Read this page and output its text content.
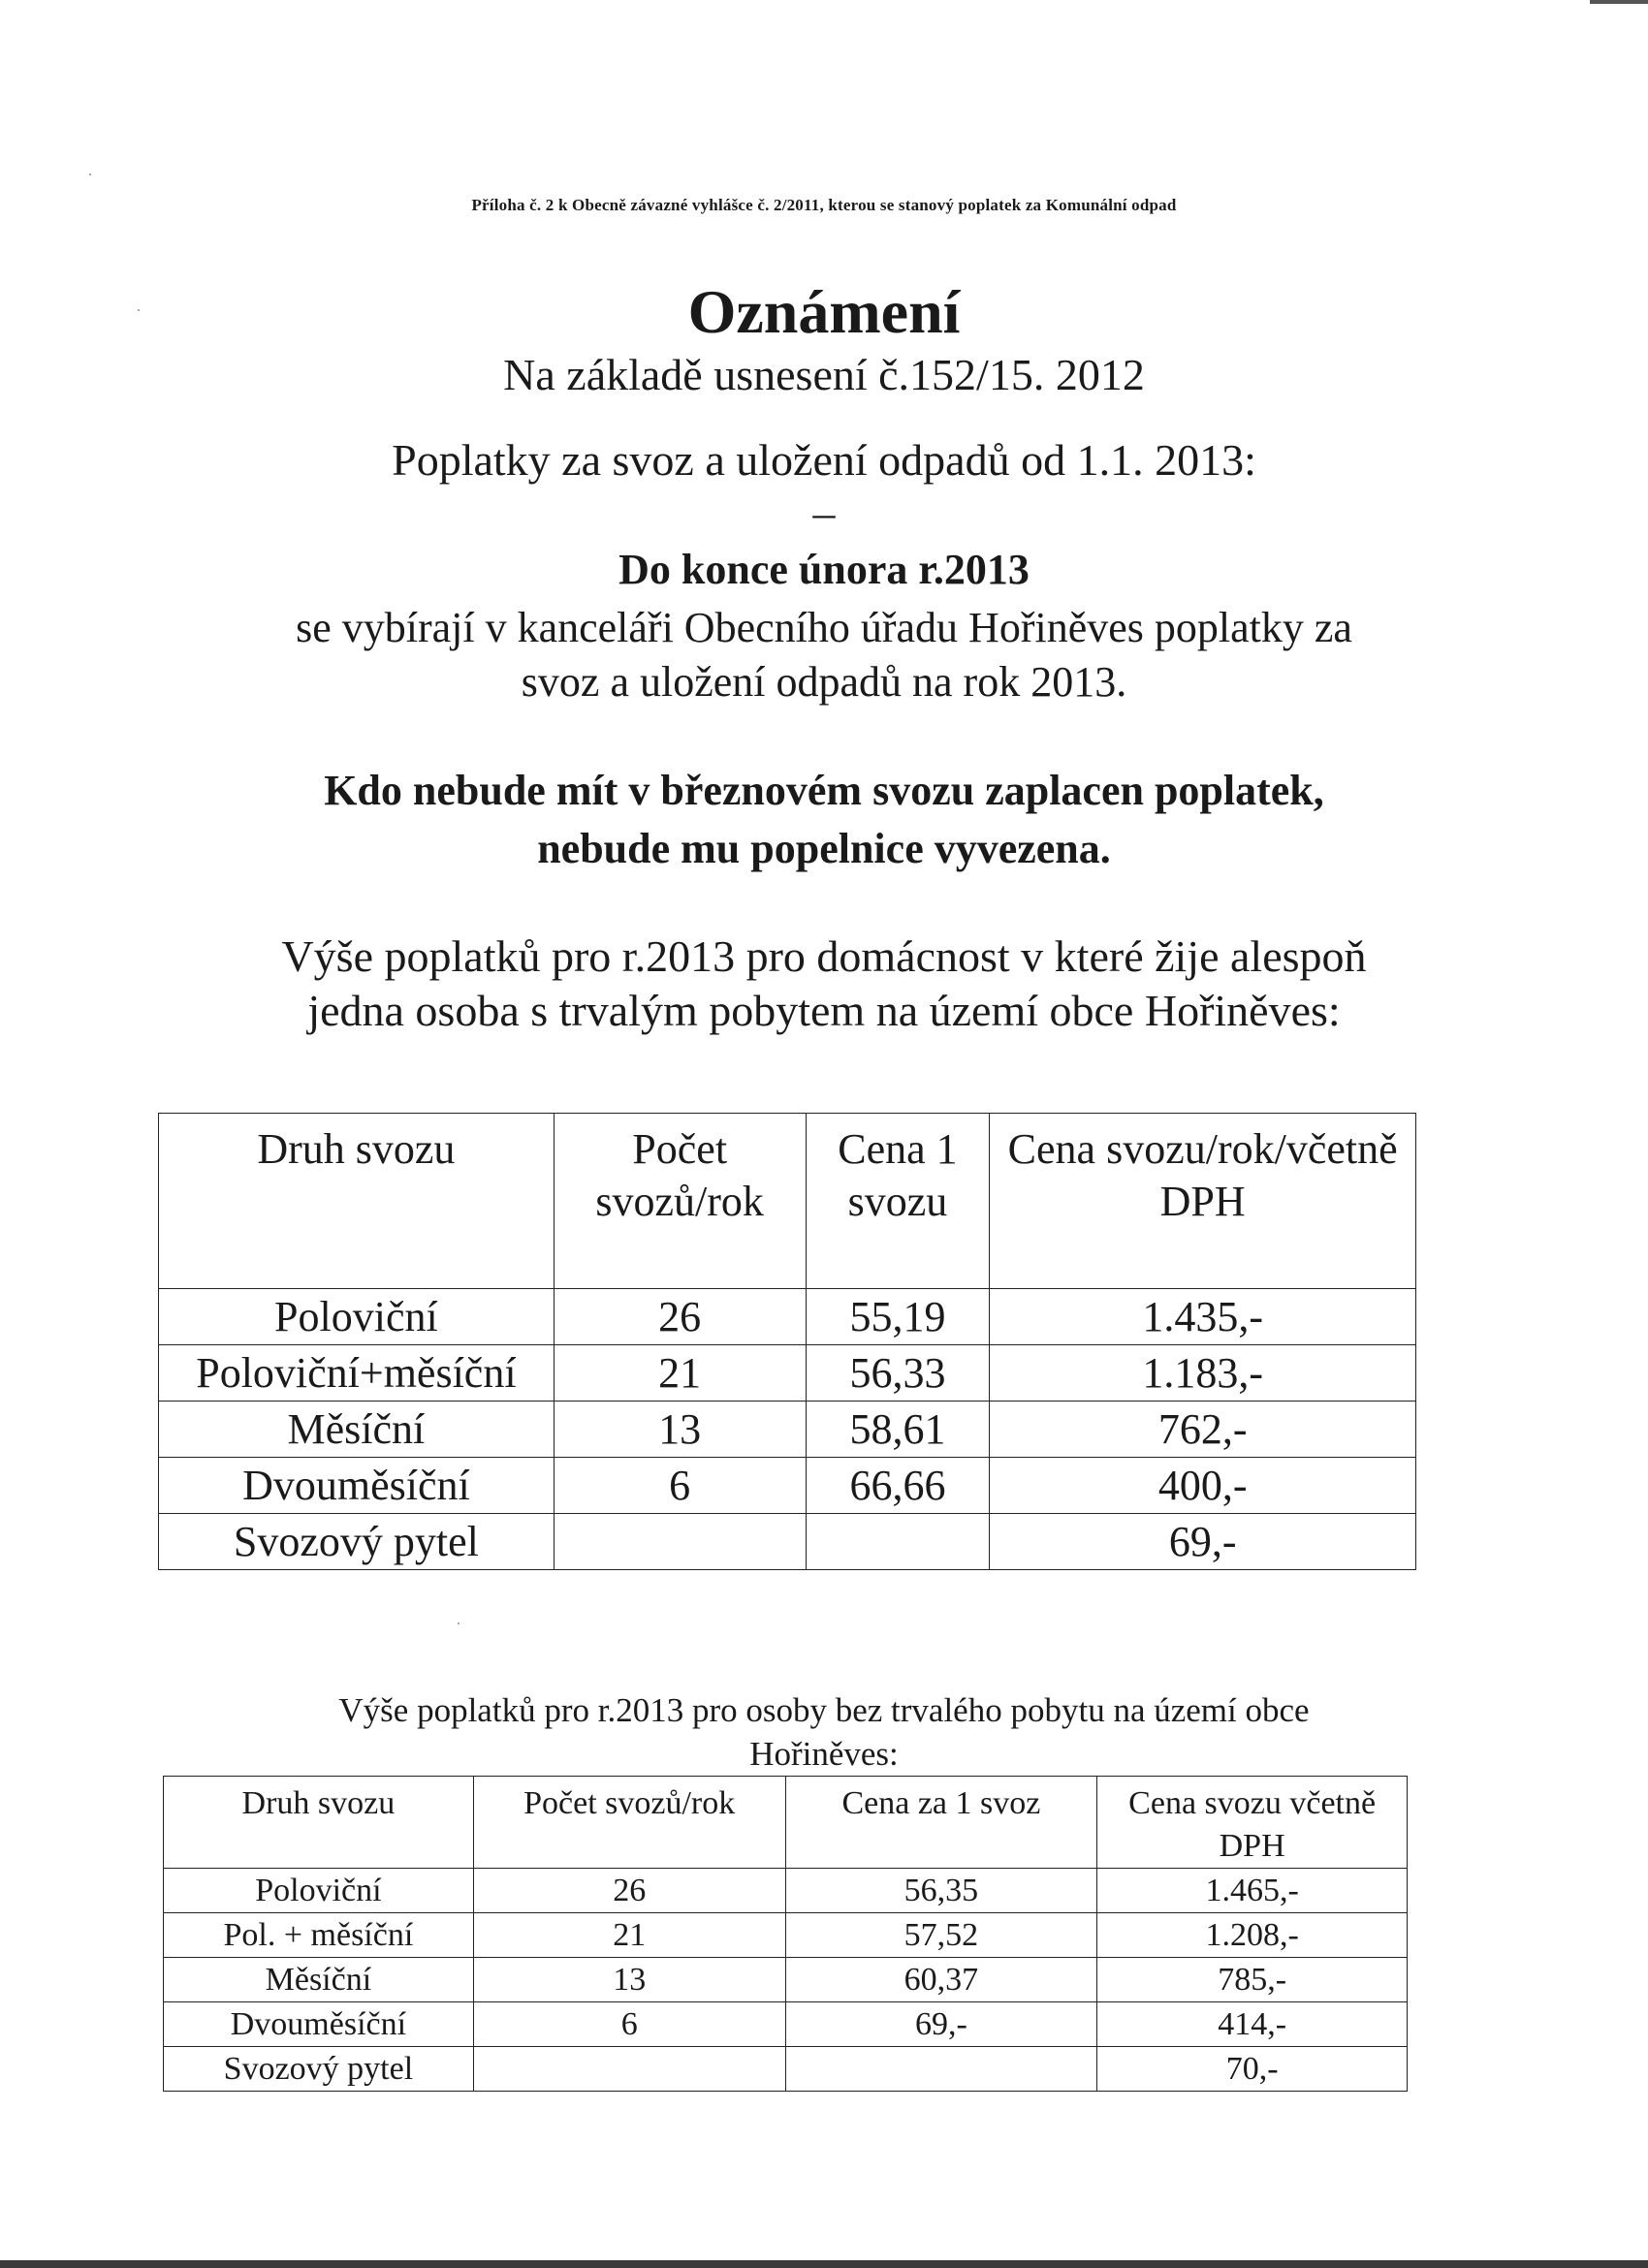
·
·
·
Příloha č. 2 k Obecně závazné vyhlášce č. 2/2011, kterou se stanový poplatek za Komunální odpad
Oznámení
Na základě usnesení č.152/15. 2012
Poplatky za svoz a uložení odpadů od 1.1. 2013:
–
Do konce února r.2013
se vybírají v kanceláři Obecního úřadu Hořiněves poplatky za
svoz a uložení odpadů na rok 2013.
Kdo nebude mít v březnovém svozu zaplacen poplatek,
nebude mu popelnice vyvezena.
Výše poplatků pro r.2013 pro domácnost v které žije alespoň
jedna osoba s trvalým pobytem na území obce Hořiněves:
Druh svozu	Počet svozů/rok	Cena 1 svozu	Cena svozu/rok/včetně DPH
Poloviční	26	55,19	1.435,-
Poloviční+měsíční	21	56,33	1.183,-
Měsíční	13	58,61	762,-
Dvouměsíční	6	66,66	400,-
Svozový pytel			69,-
Výše poplatků pro r.2013 pro osoby bez trvalého pobytu na území obce
Hořiněves:
Druh svozu	Počet svozů/rok	Cena za 1 svoz	Cena svozu včetně DPH
Poloviční	26	56,35	1.465,-
Pol. + měsíční	21	57,52	1.208,-
Měsíční	13	60,37	785,-
Dvouměsíční	6	69,-	414,-
Svozový pytel			70,-
